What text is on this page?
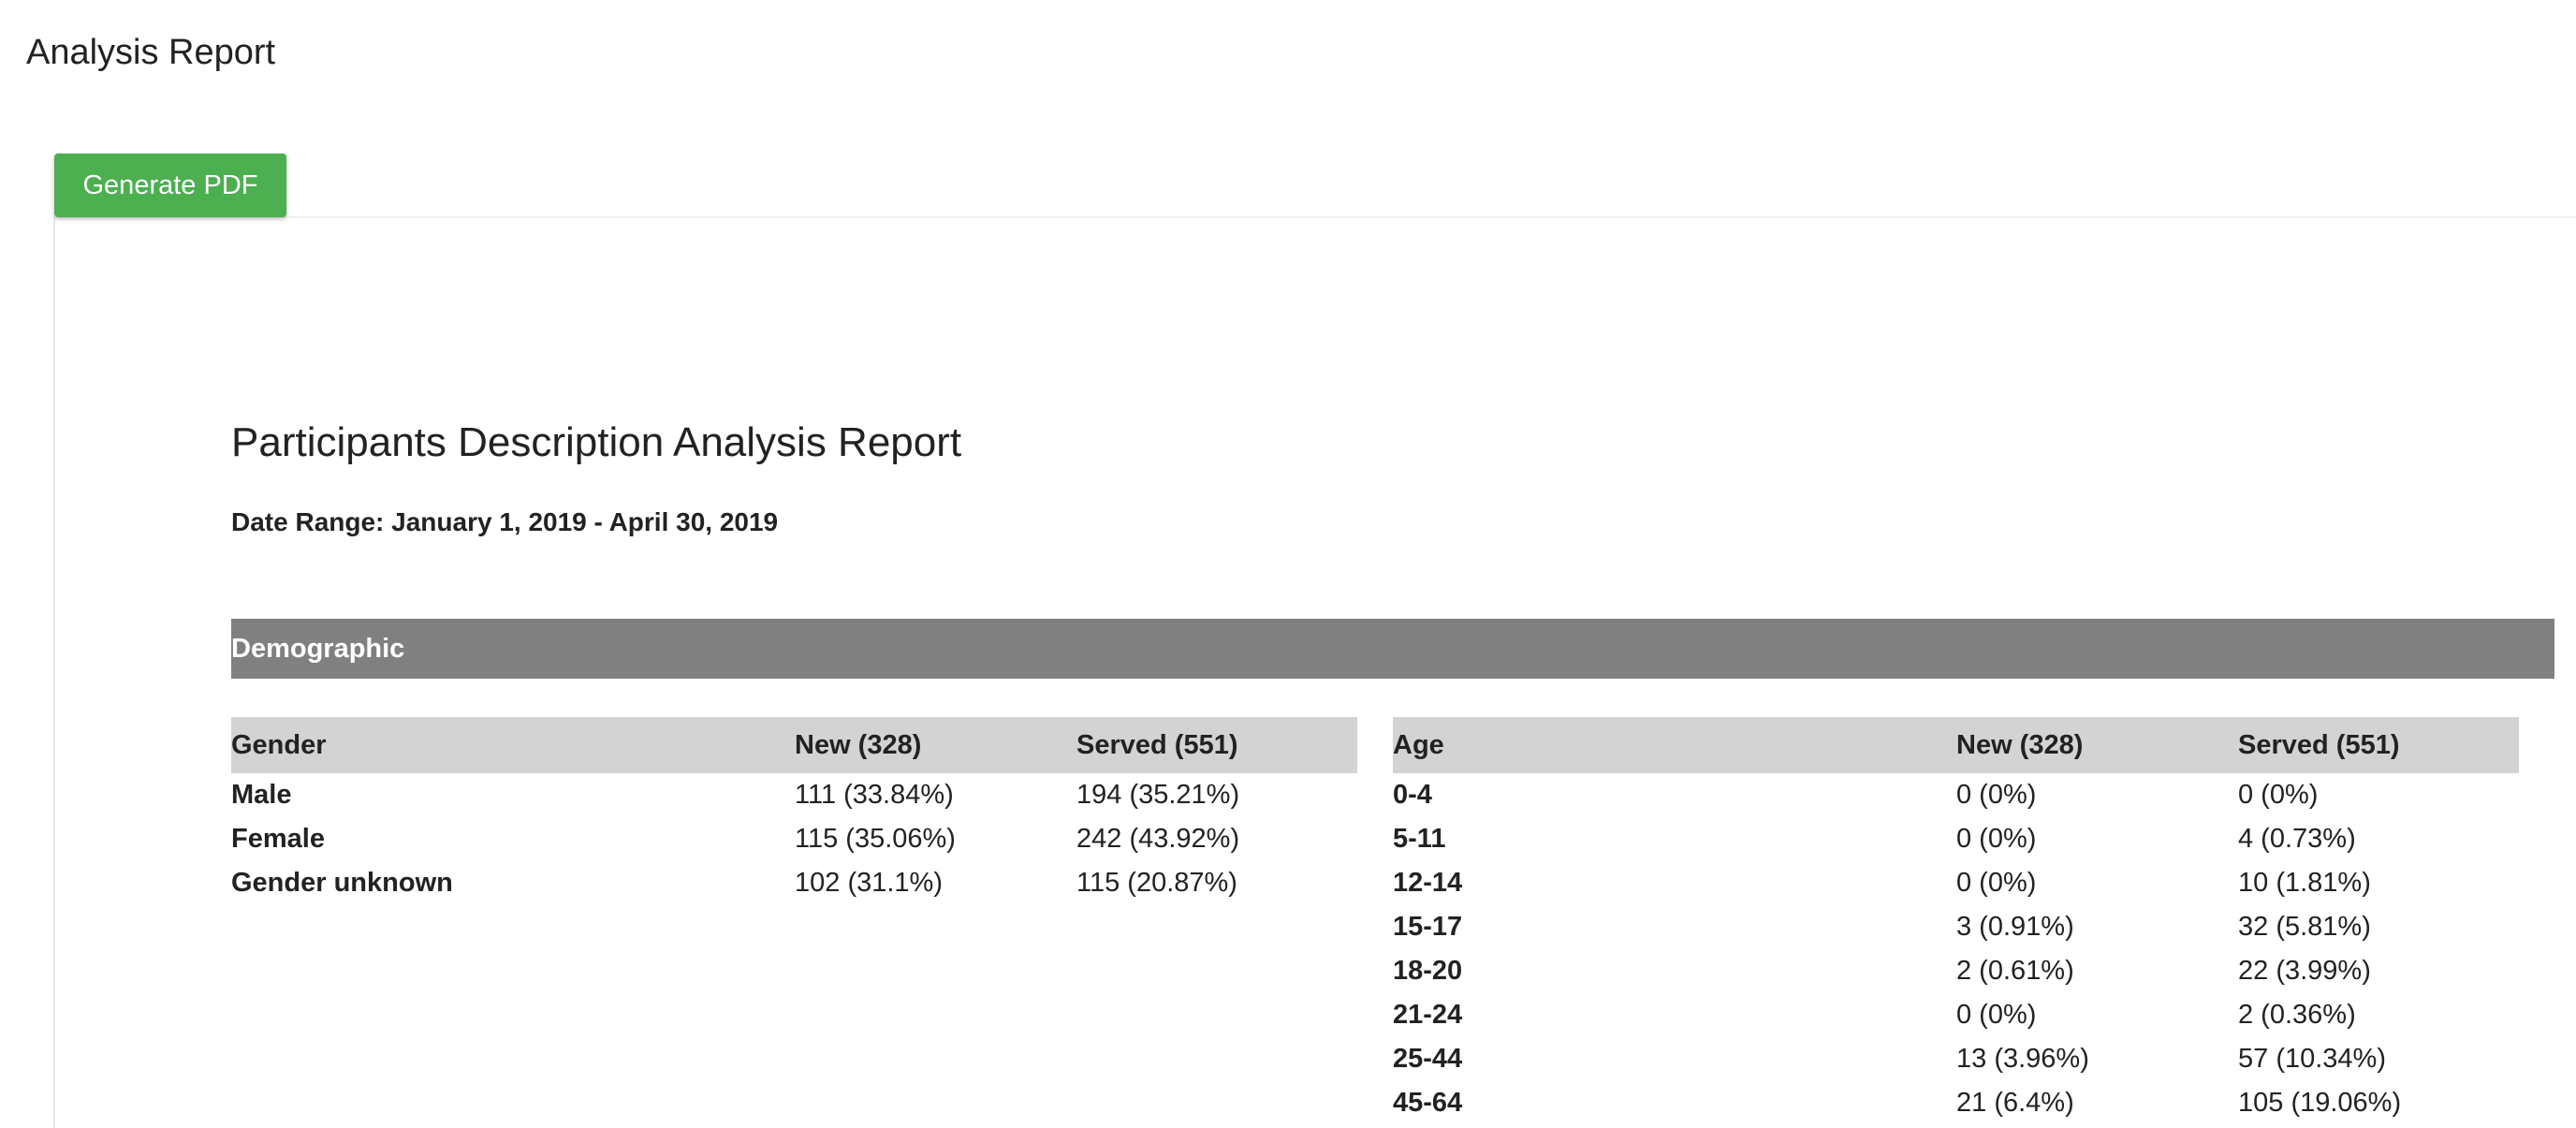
Analysis Report
Generate PDF
Participants Description Analysis Report
Date Range: January 1, 2019 - April 30, 2019
Demographic
Gender	New (328)	Served (551)
Male	111 (33.84%)	194 (35.21%)
Female	115 (35.06%)	242 (43.92%)
Gender unknown	102 (31.1%)	115 (20.87%)
Age	New (328)	Served (551)
0-4	0 (0%)	0 (0%)
5-11	0 (0%)	4 (0.73%)
12-14	0 (0%)	10 (1.81%)
15-17	3 (0.91%)	32 (5.81%)
18-20	2 (0.61%)	22 (3.99%)
21-24	0 (0%)	2 (0.36%)
25-44	13 (3.96%)	57 (10.34%)
45-64	21 (6.4%)	105 (19.06%)
